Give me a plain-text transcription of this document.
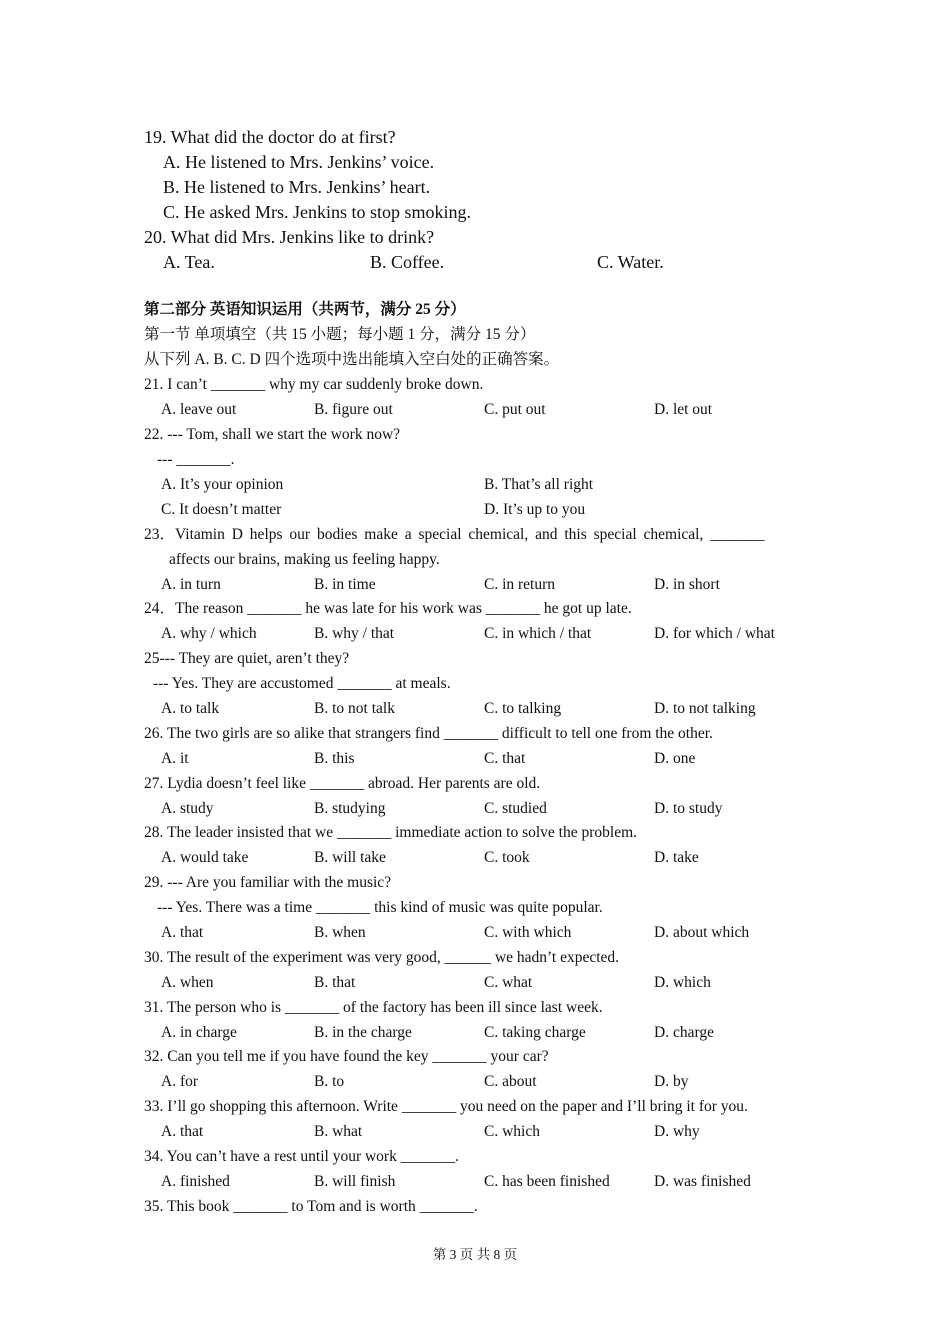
19. What did the doctor do at first?
A. He listened to Mrs. Jenkins’ voice.
B. He listened to Mrs. Jenkins’ heart.
C. He asked Mrs. Jenkins to stop smoking.
20. What did Mrs. Jenkins like to drink?
A. Tea.	B. Coffee.	C. Water.
第二部分 英语知识运用（共两节，满分 25 分）
第一节 单项填空（共 15 小题；每小题 1 分，满分 15 分）
从下列 A. B. C. D 四个选项中选出能填入空白处的正确答案。
21. I can’t _______ why my car suddenly broke down.
A. leave out	B. figure out	C. put out	D. let out
22. --- Tom, shall we start the work now?
--- _______.
A. It’s your opinion	B. That’s all right
C. It doesn’t matter	D. It’s up to you
23．Vitamin D helps our bodies make a special chemical, and this special chemical, _______
affects our brains, making us feeling happy.
A. in turn	B. in time	C. in return	D. in short
24．The reason _______ he was late for his work was _______ he got up late.
A. why / which	B. why / that	C. in which / that	D. for which / what
25--- They are quiet, aren’t they?
--- Yes. They are accustomed _______ at meals.
A. to talk	B. to not talk	C. to talking	D. to not talking
26. The two girls are so alike that strangers find _______ difficult to tell one from the other.
A. it	B. this	C. that	D. one
27. Lydia doesn’t feel like _______ abroad. Her parents are old.
A. study	B. studying	C. studied	D. to study
28. The leader insisted that we _______ immediate action to solve the problem.
A. would take	B. will take	C. took	D. take
29. --- Are you familiar with the music?
--- Yes. There was a time _______ this kind of music was quite popular.
A. that	B. when	C. with which	D. about which
30. The result of the experiment was very good, ______ we hadn’t expected.
A. when	B. that	C. what	D. which
31. The person who is _______ of the factory has been ill since last week.
A. in charge	B. in the charge	C. taking charge	D. charge
32. Can you tell me if you have found the key _______ your car?
A. for	B. to	C. about	D. by
33. I’ll go shopping this afternoon. Write _______ you need on the paper and I’ll bring it for you.
A. that	B. what	C. which	D. why
34. You can’t have a rest until your work _______.
A. finished	B. will finish	C. has been finished	D. was finished
35. This book _______ to Tom and is worth _______.
第 3 页 共 8 页
